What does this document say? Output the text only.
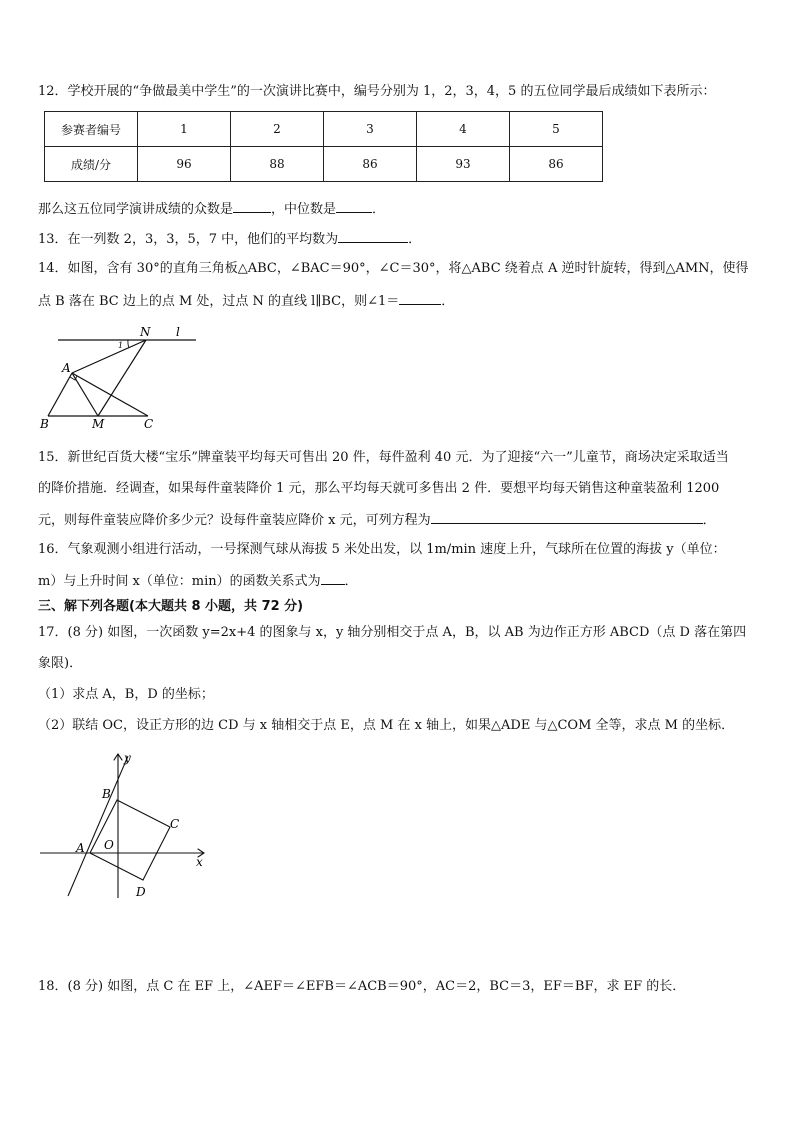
12．学校开展的“争做最美中学生”的一次演讲比赛中，编号分别为 1，2，3，4，5 的五位同学最后成绩如下表所示：
参赛者编号	1	2	3	4	5
成绩/分	96	88	86	93	86
那么这五位同学演讲成绩的众数是	，中位数是	．
13．在一列数 2，3，3，5，7 中，他们的平均数为	．
14．如图，含有 30°的直角三角板△ABC，∠BAC＝90°，∠C＝30°，将△ABC 绕着点 A 逆时针旋转，得到△AMN，使得
点 B 落在 BC 边上的点 M 处，过点 N 的直线 l∥BC，则∠1＝	．
N l
1
A
B	M	C
15．新世纪百货大楼“宝乐”牌童装平均每天可售出 20 件，每件盈利 40 元．为了迎接“六一”儿童节，商场决定采取适当
的降价措施．经调查，如果每件童装降价 1 元，那么平均每天就可多售出 2 件．要想平均每天销售这种童装盈利 1200
元，则每件童装应降价多少元？设每件童装应降价 x 元，可列方程为	．
16．气象观测小组进行活动，一号探测气球从海拔 5 米处出发，以 1m/min 速度上升，气球所在位置的海拔 y（单位：
m）与上升时间 x（单位：min）的函数关系式为 ．
三、解下列各题(本大题共 8 小题，共 72 分)
17．(8 分) 如图，一次函数 y=2x+4 的图象与 x，y 轴分别相交于点 A，B，以 AB 为边作正方形 ABCD（点 D 落在第四
象限)．
（1）求点 A，B，D 的坐标；
（2）联结 OC，设正方形的边 CD 与 x 轴相交于点 E，点 M 在 x 轴上，如果△ADE 与△COM 全等，求点 M 的坐标．
y
x
B
C
A O
D
18．(8 分) 如图，点 C 在 EF 上，∠AEF＝∠EFB＝∠ACB＝90°，AC＝2，BC＝3，EF＝BF，求 EF 的长．
